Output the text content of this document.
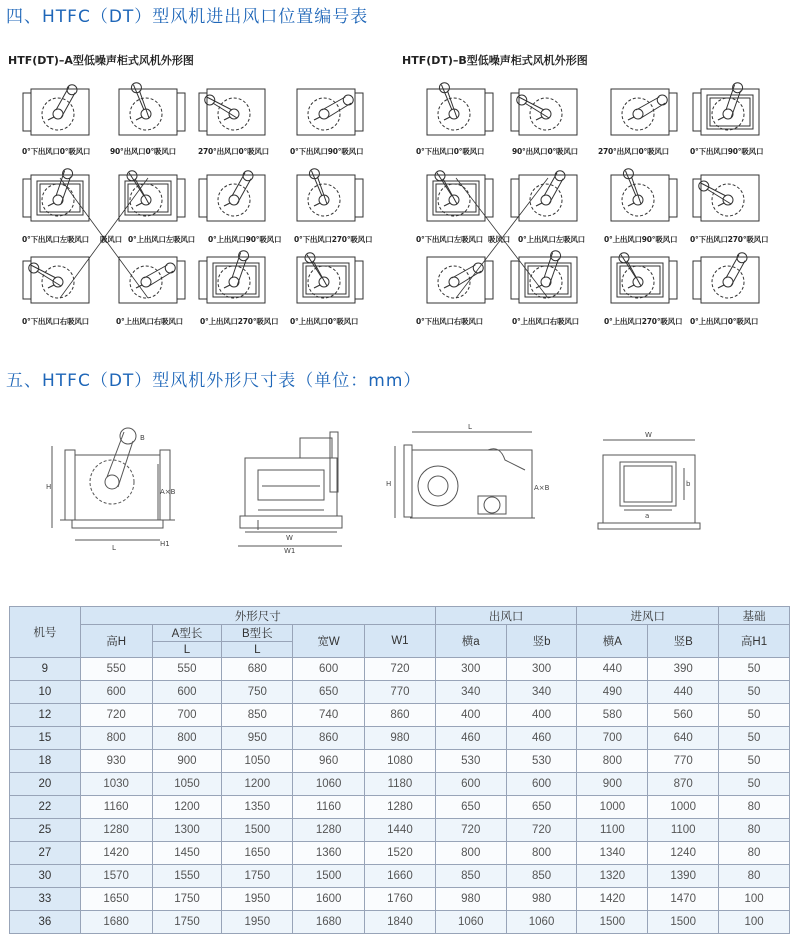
四、HTFC（DT）型风机进出风口位置编号表
HTF(DT)–A型低噪声柜式风机外形图	HTF(DT)–B型低噪声柜式风机外形图
0°下出风口0°吸风口	90°出风口0°吸风口	270°出风口0°吸风口	0°下出风口90°吸风口
0°下出风口左吸风口 吸风口 0°上出风口左吸风口 0°上出风口90°吸风口 0°下出风口270°吸风口
0°下出风口右吸风口	0°上出风口右吸风口 0°上出风口270°吸风口 0°上出风口0°吸风口
0°下出风口0°吸风口	90°出风口0°吸风口	270°出风口0°吸风口	0°下出风口90°吸风口
0°下出风口左吸风口 吸风口 0°上出风口左吸风口	0°上出风口90°吸风口 0°下出风口270°吸风口
0°下出风口右吸风口	0°上出风口右吸风口	0°上出风口270°吸风口 0°上出风口0°吸风口
五、HTFC（DT）型风机外形尺寸表（单位：mm）
H
A×B
H1
L
B
W
W1
L
H	A×B
W
b
a
机号	外形尺寸					出风口		进风口		基础
	高H	A型长	B型长	宽W	W1	横a	竖b	横A	竖B	高H1
		L	L							
9	550	550	680	600	720	300	300	440	390	50
10	600	600	750	650	770	340	340	490	440	50
12	720	700	850	740	860	400	400	580	560	50
15	800	800	950	860	980	460	460	700	640	50
18	930	900	1050	960	1080	530	530	800	770	50
20	1030	1050	1200	1060	1180	600	600	900	870	50
22	1160	1200	1350	1160	1280	650	650	1000	1000	80
25	1280	1300	1500	1280	1440	720	720	1100	1100	80
27	1420	1450	1650	1360	1520	800	800	1340	1240	80
30	1570	1550	1750	1500	1660	850	850	1320	1390	80
33	1650	1750	1950	1600	1760	980	980	1420	1470	100
36	1680	1750	1950	1680	1840	1060	1060	1500	1500	100
